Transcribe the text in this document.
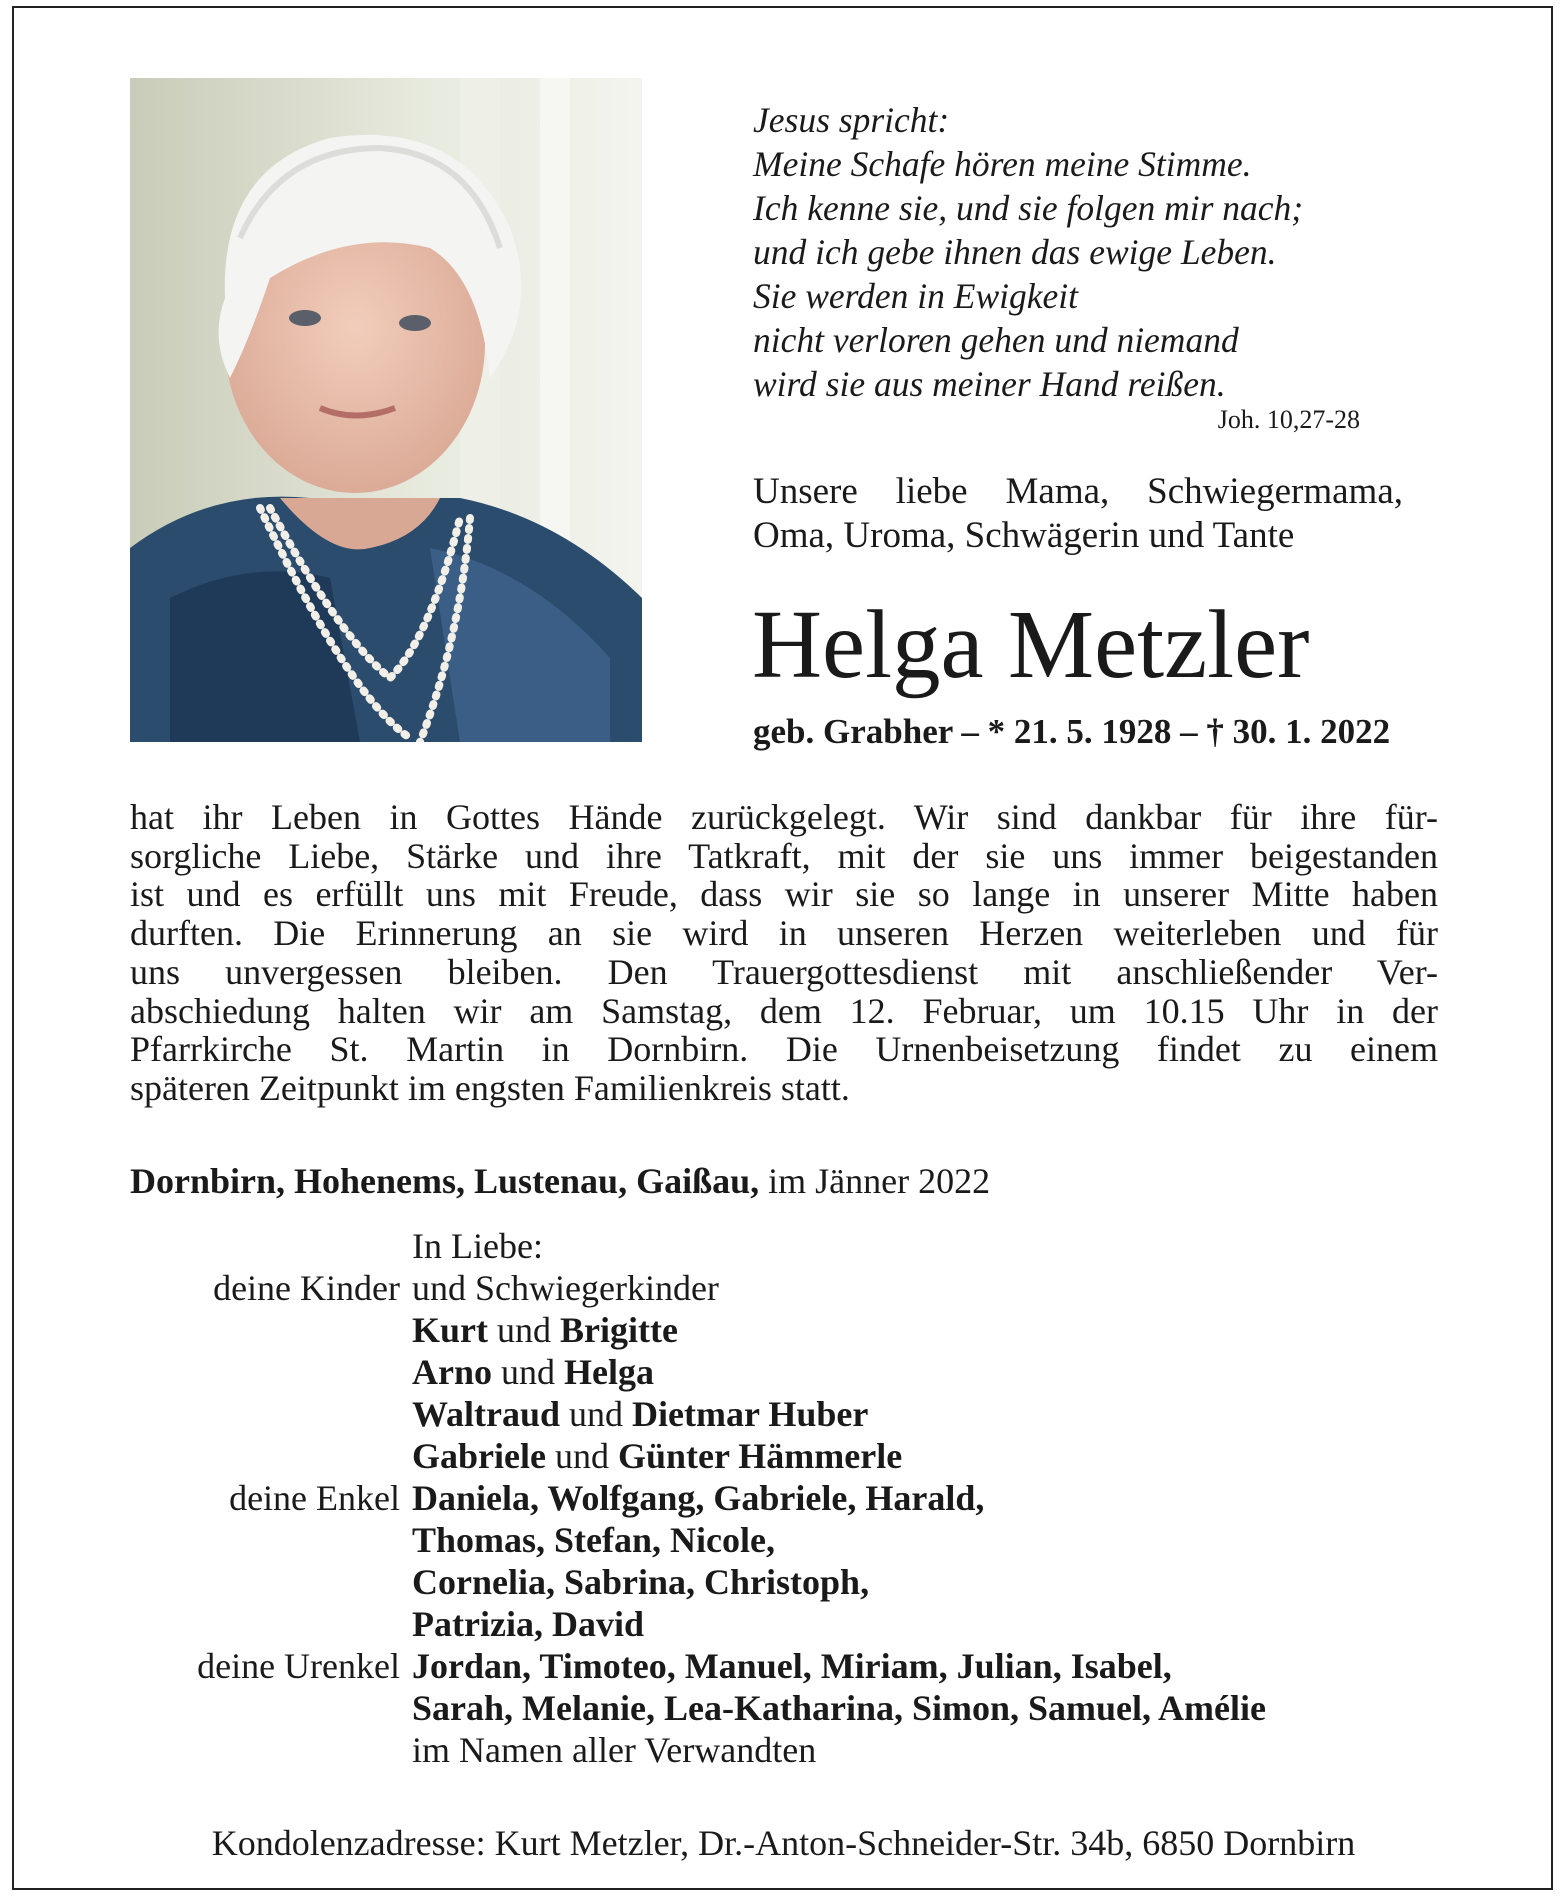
Jesus spricht:
Meine Schafe hören meine Stimme.
Ich kenne sie, und sie folgen mir nach;
und ich gebe ihnen das ewige Leben.
Sie werden in Ewigkeit
nicht verloren gehen und niemand
wird sie aus meiner Hand reißen.
Joh. 10,27-28
Unsere liebe Mama, Schwiegermama,
Oma, Uroma, Schwägerin und Tante
Helga Metzler
geb. Grabher – * 21. 5. 1928 – † 30. 1. 2022
hat ihr Leben in Gottes Hände zurückgelegt. Wir sind dankbar für ihre für-
sorgliche Liebe, Stärke und ihre Tatkraft, mit der sie uns immer beigestanden
ist und es erfüllt uns mit Freude, dass wir sie so lange in unserer Mitte haben
durften. Die Erinnerung an sie wird in unseren Herzen weiterleben und für
uns unvergessen bleiben. Den Trauergottesdienst mit anschließender Ver-
abschiedung halten wir am Samstag, dem 12. Februar, um 10.15 Uhr in der
Pfarrkirche St. Martin in Dornbirn. Die Urnenbeisetzung findet zu einem
späteren Zeitpunkt im engsten Familienkreis statt.
Dornbirn, Hohenems, Lustenau, Gaißau, im Jänner 2022
In Liebe:
deine Kinder und Schwiegerkinder
Kurt und Brigitte
Arno und Helga
Waltraud und Dietmar Huber
Gabriele und Günter Hämmerle
deine Enkel Daniela, Wolfgang, Gabriele, Harald,
Thomas, Stefan, Nicole,
Cornelia, Sabrina, Christoph,
Patrizia, David
deine Urenkel Jordan, Timoteo, Manuel, Miriam, Julian, Isabel,
Sarah, Melanie, Lea-Katharina, Simon, Samuel, Amélie
im Namen aller Verwandten
Kondolenzadresse: Kurt Metzler, Dr.-Anton-Schneider-Str. 34b, 6850 Dornbirn
